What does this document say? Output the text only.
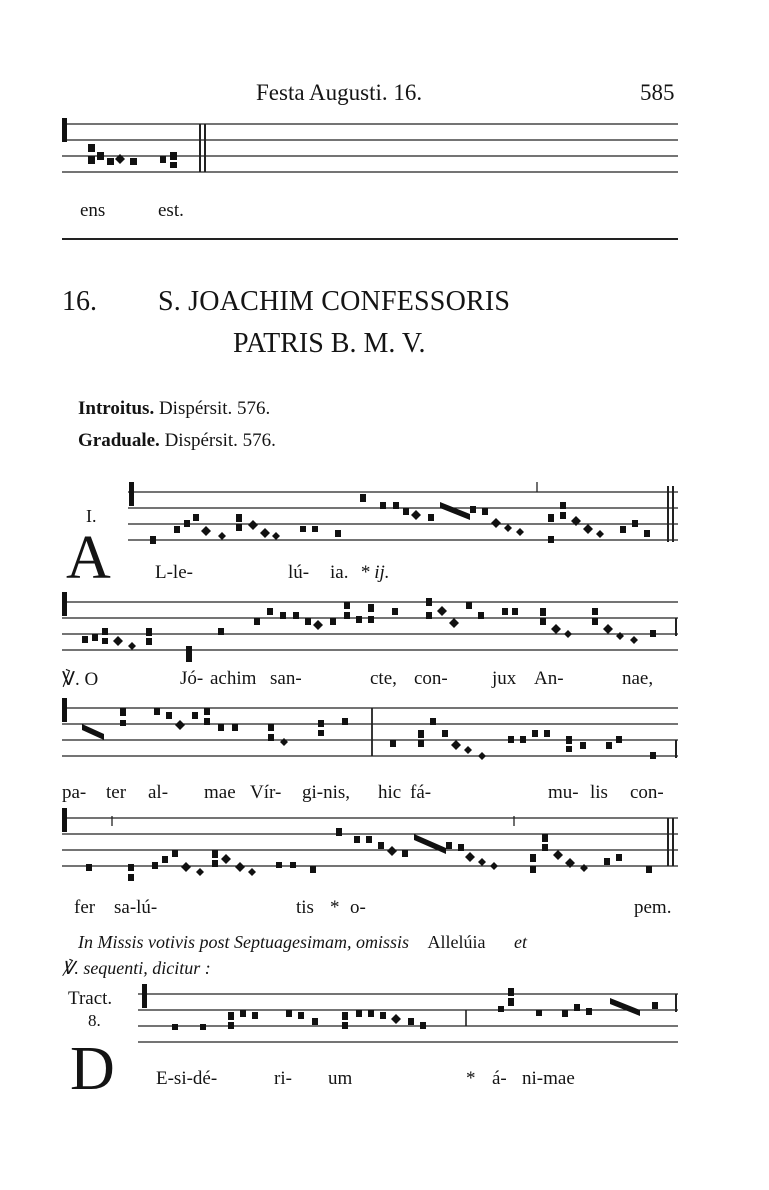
Festa Augusti. 16.	585
ens	est.
16. S. JOACHIM CONFESSORIS
PATRIS B. M. V.
Introitus. Dispérsit. 576.
Graduale. Dispérsit. 576.
I.
A L-le-	lú- ia. * ij.
℣. O	Jó- achim san-	cte, con- jux An-	nae,
pa- ter al- mae Vír- gi-nis, hic fá-	mu- lis con-
fer sa-lú-	tis * o-	pem.
In Missis votivis post Septuagesimam, omissis Allelúia et
℣. sequenti, dicitur :
Tract.
8.
D E-si-dé-	ri- um	* á- ni-mae
